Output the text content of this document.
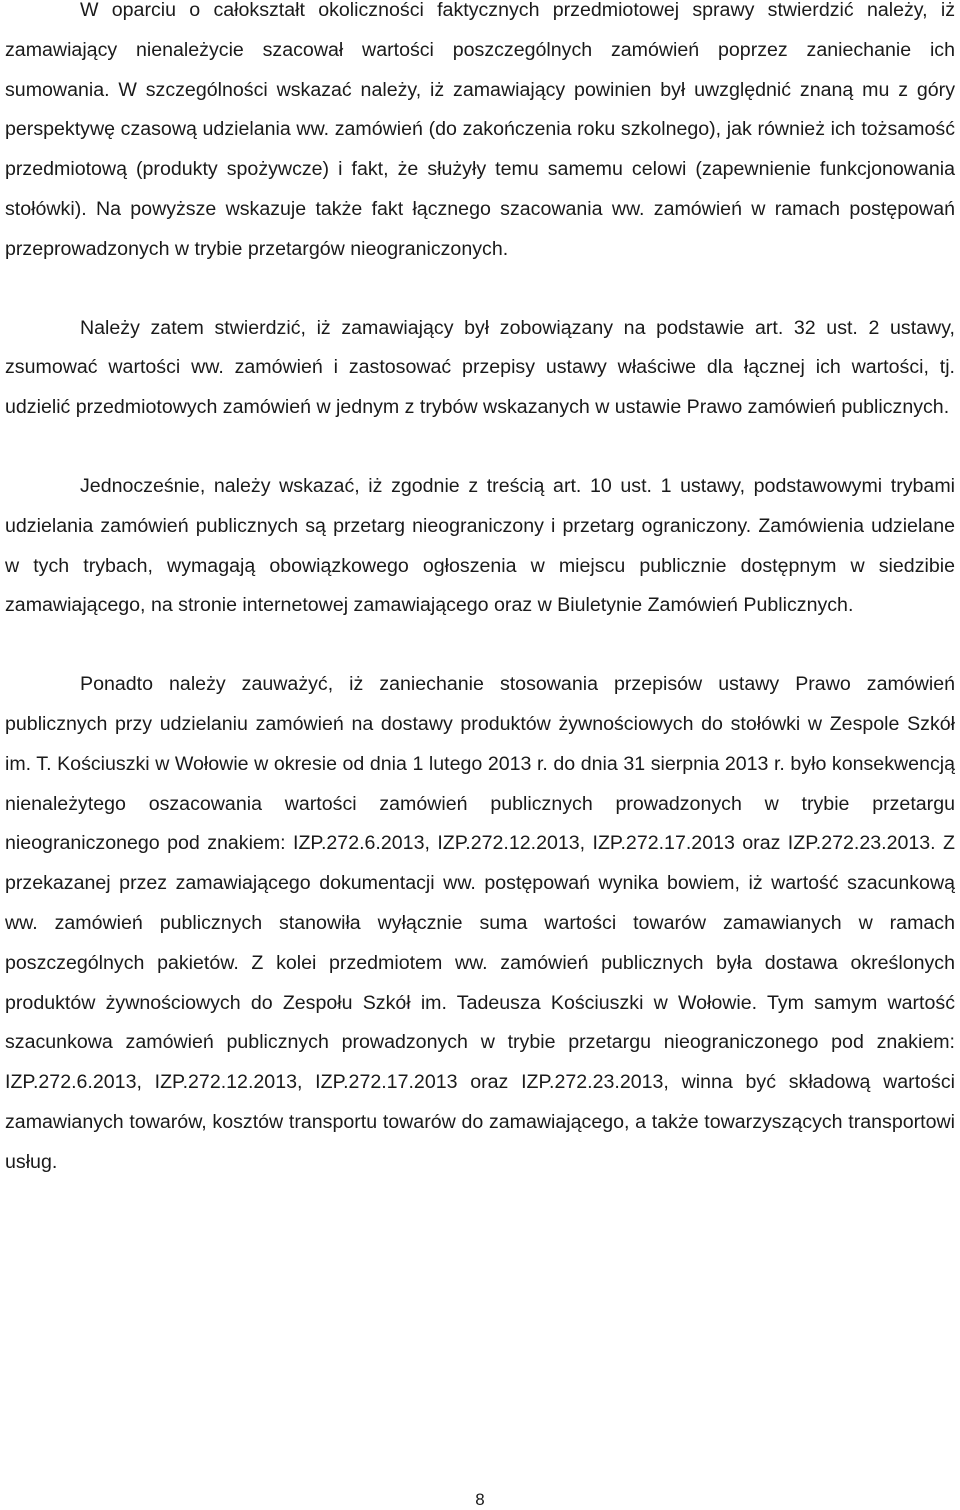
W oparciu o całokształt okoliczności faktycznych przedmiotowej sprawy stwierdzić należy, iż zamawiający nienależycie szacował wartości poszczególnych zamówień poprzez zaniechanie ich sumowania. W szczególności wskazać należy, iż zamawiający powinien był uwzględnić znaną mu z góry perspektywę czasową udzielania ww. zamówień (do zakończenia roku szkolnego), jak również ich tożsamość przedmiotową (produkty spożywcze) i fakt, że służyły temu samemu celowi (zapewnienie funkcjonowania stołówki). Na powyższe wskazuje także fakt łącznego szacowania ww. zamówień w ramach postępowań przeprowadzonych w trybie przetargów nieograniczonych.

Należy zatem stwierdzić, iż zamawiający był zobowiązany na podstawie art. 32 ust. 2 ustawy, zsumować wartości ww. zamówień i zastosować przepisy ustawy właściwe dla łącznej ich wartości, tj. udzielić przedmiotowych zamówień w jednym z trybów wskazanych w ustawie Prawo zamówień publicznych.

Jednocześnie, należy wskazać, iż zgodnie z treścią art. 10 ust. 1 ustawy, podstawowymi trybami udzielania zamówień publicznych są przetarg nieograniczony i przetarg ograniczony. Zamówienia udzielane w tych trybach, wymagają obowiązkowego ogłoszenia w miejscu publicznie dostępnym w siedzibie zamawiającego, na stronie internetowej zamawiającego oraz w Biuletynie Zamówień Publicznych.

Ponadto należy zauważyć, iż zaniechanie stosowania przepisów ustawy Prawo zamówień publicznych przy udzielaniu zamówień na dostawy produktów żywnościowych do stołówki w Zespole Szkół im. T. Kościuszki w Wołowie w okresie od dnia 1 lutego 2013 r. do dnia 31 sierpnia 2013 r. było konsekwencją nienależytego oszacowania wartości zamówień publicznych prowadzonych w trybie przetargu nieograniczonego pod znakiem: IZP.272.6.2013, IZP.272.12.2013, IZP.272.17.2013 oraz IZP.272.23.2013. Z przekazanej przez zamawiającego dokumentacji ww. postępowań wynika bowiem, iż wartość szacunkową ww. zamówień publicznych stanowiła wyłącznie suma wartości towarów zamawianych w ramach poszczególnych pakietów. Z kolei przedmiotem ww. zamówień publicznych była dostawa określonych produktów żywnościowych do Zespołu Szkół im. Tadeusza Kościuszki w Wołowie. Tym samym wartość szacunkowa zamówień publicznych prowadzonych w trybie przetargu nieograniczonego pod znakiem: IZP.272.6.2013, IZP.272.12.2013, IZP.272.17.2013 oraz IZP.272.23.2013, winna być składową wartości zamawianych towarów, kosztów transportu towarów do zamawiającego, a także towarzyszących transportowi usług.

8
